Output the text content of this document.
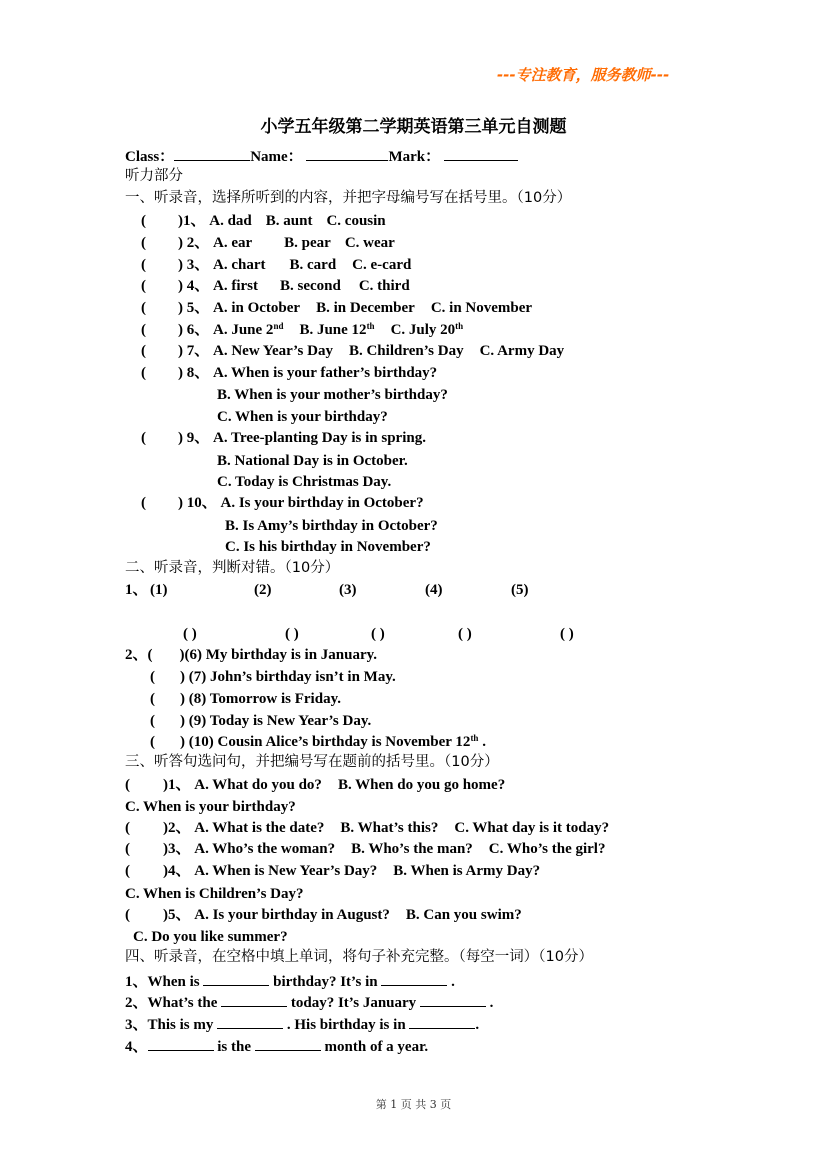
---专注教育，服务教师---
小学五年级第二学期英语第三单元自测题
Class：	Name：	Mark：
听力部分
一、听录音，选择所听到的内容，并把字母编号写在括号里。（10分）
( )1、 A. dad B. aunt C. cousin
( ) 2、 A. ear B. pear C. wear
( ) 3、 A. chart B. card C. e-card
( ) 4、 A. first B. second C. third
( ) 5、 A. in October B. in December C. in November
( ) 6、 A. June 2nd B. June 12th C. July 20th
( ) 7、 A. New Year’s Day B. Children’s Day C. Army Day
( ) 8、 A. When is your father’s birthday?
B. When is your mother’s birthday?
C. When is your birthday?
( ) 9、 A. Tree-planting Day is in spring.
B. National Day is in October.
C. Today is Christmas Day.
( ) 10、 A. Is your birthday in October?
B. Is Amy’s birthday in October?
C. Is his birthday in November?
二、听录音，判断对错。（10分）
1、 (1)	(2)	(3)	(4)	(5)
( )	( )	( )	( )	( )
2、( )(6) My birthday is in January.
( ) (7) John’s birthday isn’t in May.
( ) (8) Tomorrow is Friday.
( ) (9) Today is New Year’s Day.
( ) (10) Cousin Alice’s birthday is November 12th .
三、听答句选问句，并把编号写在题前的括号里。（10分）
( )1、 A. What do you do? B. When do you go home?
C. When is your birthday?
( )2、 A. What is the date? B. What’s this? C. What day is it today?
( )3、 A. Who’s the woman? B. Who’s the man? C. Who’s the girl?
( )4、 A. When is New Year’s Day? B. When is Army Day?
C. When is Children’s Day?
( )5、 A. Is your birthday in August? B. Can you swim?
C. Do you like summer?
四、听录音，在空格中填上单词，将句子补充完整。（每空一词）（10分）
1、When is	birthday? It’s in	.
2、What’s the	today? It’s January	.
3、This is my	. His birthday is in	.
4、	is the	month of a year.
第 1 页 共 3 页
